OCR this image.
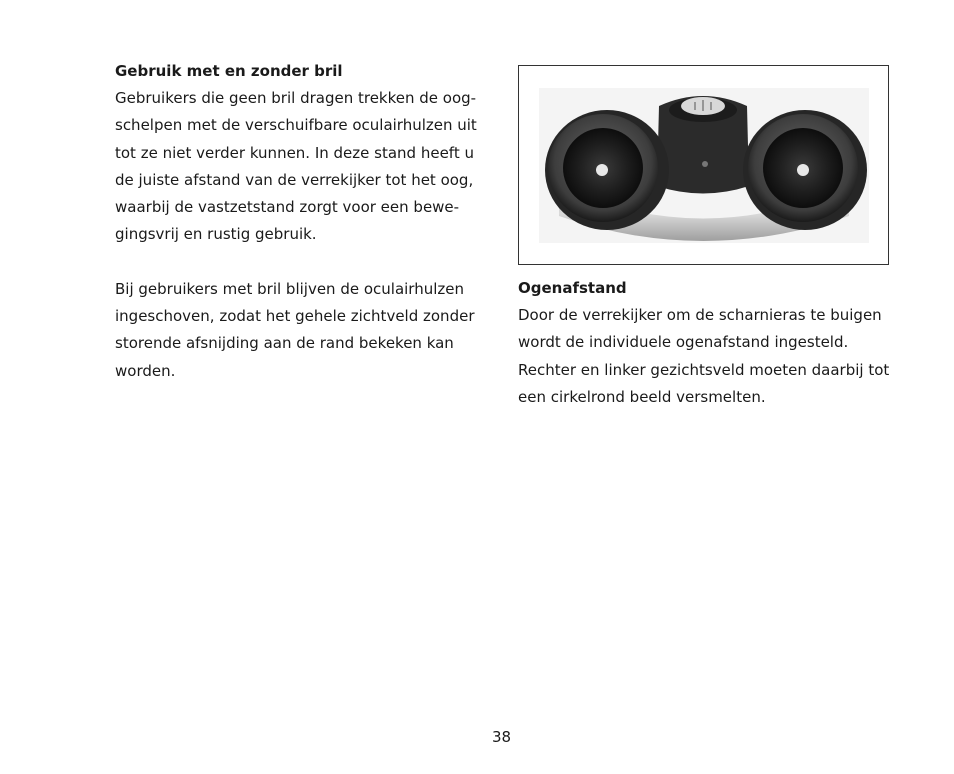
Gebruik met en zonder bril

Gebruikers die geen bril dragen trekken de oog-
schelpen met de verschuifbare oculairhulzen uit
tot ze niet verder kunnen. In deze stand heeft u
de juiste afstand van de verrekijker tot het oog,
waarbij de vastzetstand zorgt voor een bewe-
gingsvrij en rustig gebruik.

Bij gebruikers met bril blijven de oculairhulzen
ingeschoven, zodat het gehele zichtveld zonder
storende afsnijding aan de rand bekeken kan
worden.

Ogenafstand

Door de verrekijker om de scharnieras te buigen
wordt de individuele ogenafstand ingesteld.
Rechter en linker gezichtsveld moeten daarbij tot
een cirkelrond beeld versmelten.

38
